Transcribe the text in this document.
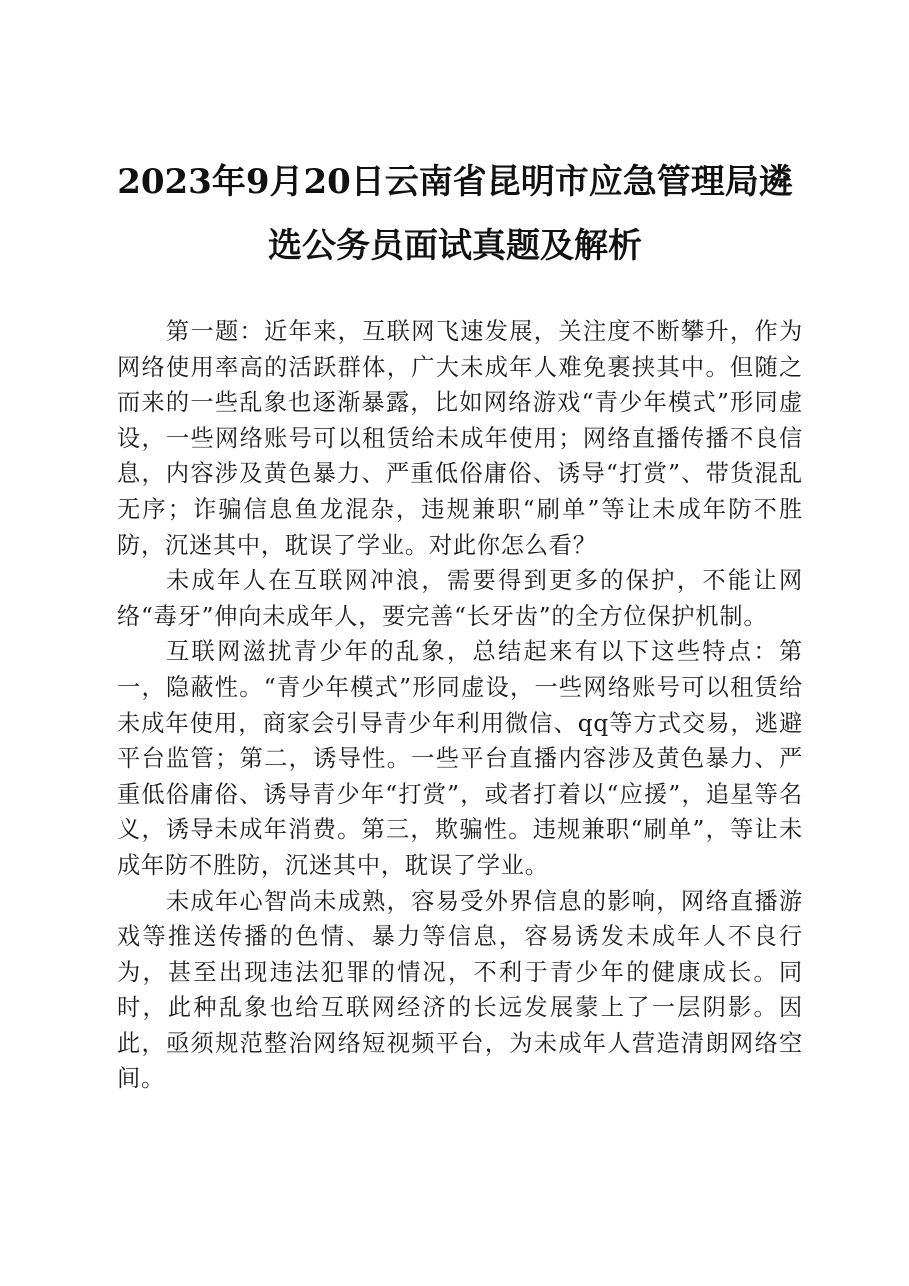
2023年9月20日云南省昆明市应急管理局遴
选公务员面试真题及解析

第一题：近年来，互联网飞速发展，关注度不断攀升，作为网络使用率高的活跃群体，广大未成年人难免裹挟其中。但随之而来的一些乱象也逐渐暴露，比如网络游戏“青少年模式”形同虚设，一些网络账号可以租赁给未成年使用；网络直播传播不良信息，内容涉及黄色暴力、严重低俗庸俗、诱导“打赏”、带货混乱无序；诈骗信息鱼龙混杂，违规兼职“刷单”等让未成年防不胜防，沉迷其中，耽误了学业。对此你怎么看？

未成年人在互联网冲浪，需要得到更多的保护，不能让网络“毒牙”伸向未成年人，要完善“长牙齿”的全方位保护机制。

互联网滋扰青少年的乱象，总结起来有以下这些特点：第一，隐蔽性。“青少年模式”形同虚设，一些网络账号可以租赁给未成年使用，商家会引导青少年利用微信、qq等方式交易，逃避平台监管；第二，诱导性。一些平台直播内容涉及黄色暴力、严重低俗庸俗、诱导青少年“打赏”，或者打着以“应援”，追星等名义，诱导未成年消费。第三，欺骗性。违规兼职“刷单”，等让未成年防不胜防，沉迷其中，耽误了学业。

未成年心智尚未成熟，容易受外界信息的影响，网络直播游戏等推送传播的色情、暴力等信息，容易诱发未成年人不良行为，甚至出现违法犯罪的情况，不利于青少年的健康成长。同时，此种乱象也给互联网经济的长远发展蒙上了一层阴影。因此，亟须规范整治网络短视频平台，为未成年人营造清朗网络空间。
